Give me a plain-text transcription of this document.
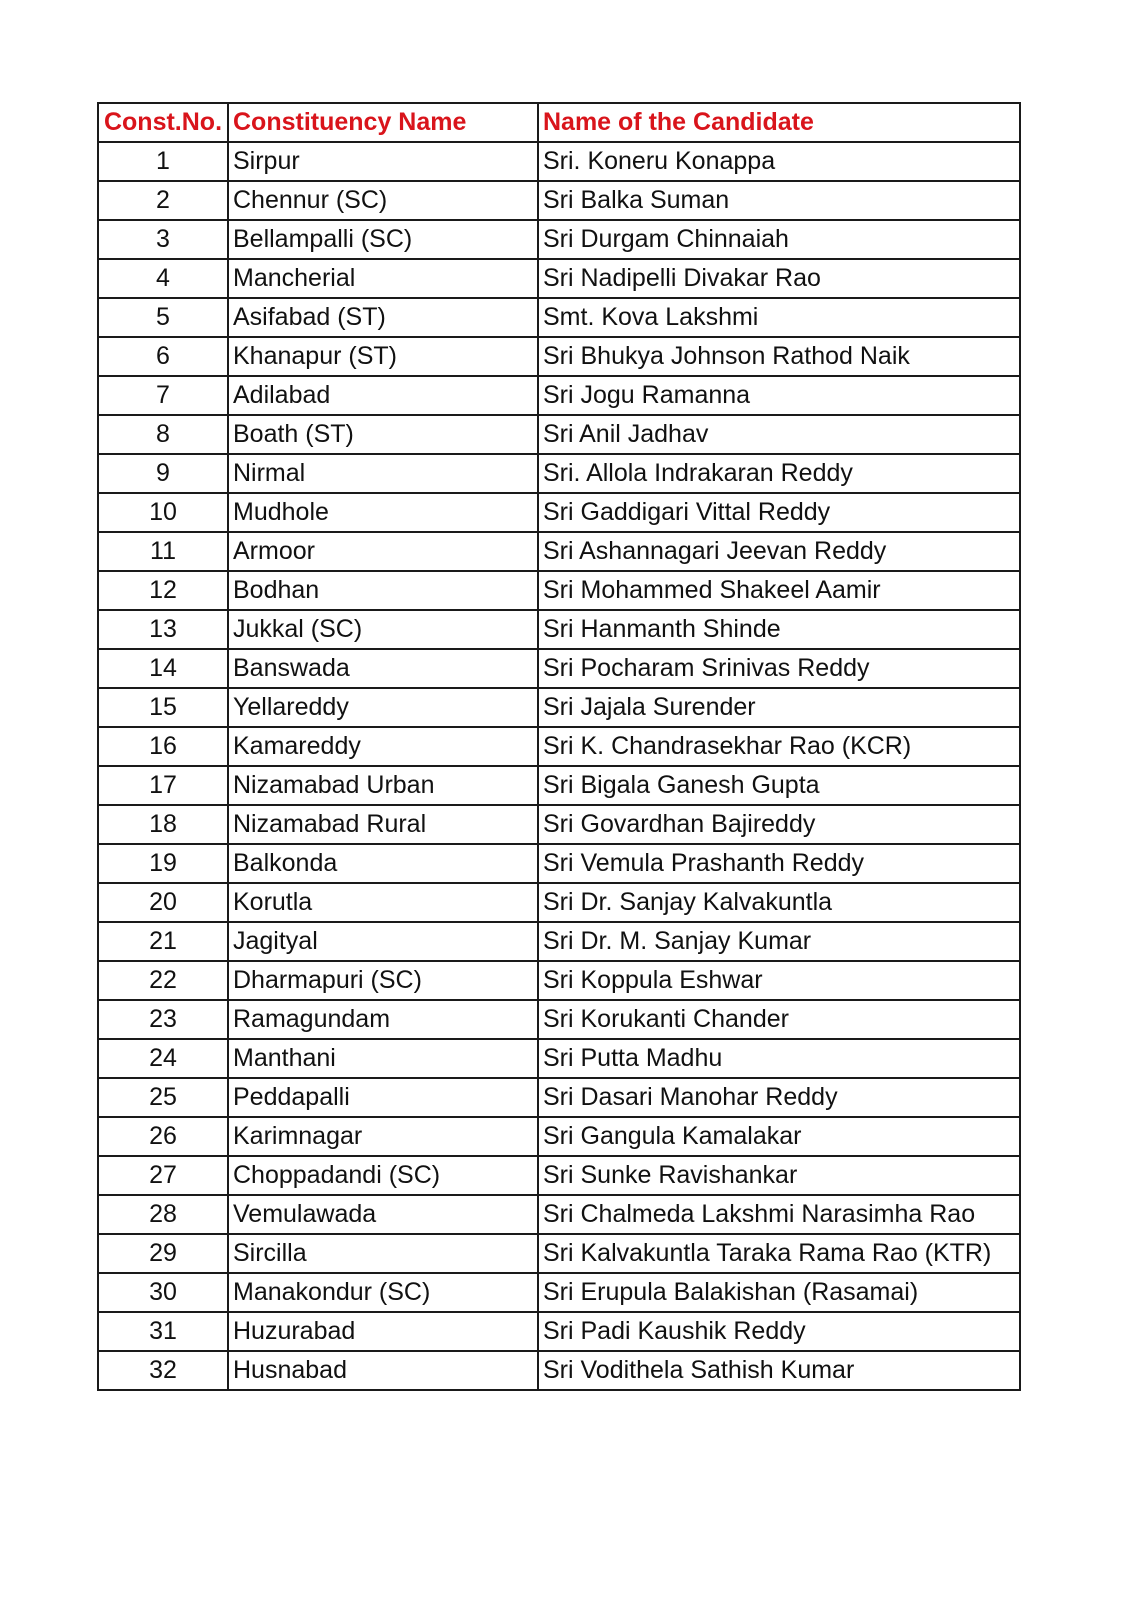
Const.No.	Constituency Name	Name of the Candidate
1	Sirpur	Sri. Koneru Konappa
2	Chennur (SC)	Sri Balka Suman
3	Bellampalli (SC)	Sri Durgam Chinnaiah
4	Mancherial	Sri Nadipelli Divakar Rao
5	Asifabad (ST)	Smt. Kova Lakshmi
6	Khanapur (ST)	Sri Bhukya Johnson Rathod Naik
7	Adilabad	Sri Jogu Ramanna
8	Boath (ST)	Sri Anil Jadhav
9	Nirmal	Sri. Allola Indrakaran Reddy
10	Mudhole	Sri Gaddigari Vittal Reddy
11	Armoor	Sri Ashannagari Jeevan Reddy
12	Bodhan	Sri Mohammed Shakeel Aamir
13	Jukkal (SC)	Sri Hanmanth Shinde
14	Banswada	Sri Pocharam Srinivas Reddy
15	Yellareddy	Sri Jajala Surender
16	Kamareddy	Sri K. Chandrasekhar Rao (KCR)
17	Nizamabad Urban	Sri Bigala Ganesh Gupta
18	Nizamabad Rural	Sri Govardhan Bajireddy
19	Balkonda	Sri Vemula Prashanth Reddy
20	Korutla	Sri Dr. Sanjay Kalvakuntla
21	Jagityal	Sri Dr. M. Sanjay Kumar
22	Dharmapuri (SC)	Sri Koppula Eshwar
23	Ramagundam	Sri Korukanti Chander
24	Manthani	Sri Putta Madhu
25	Peddapalli	Sri Dasari Manohar Reddy
26	Karimnagar	Sri Gangula Kamalakar
27	Choppadandi (SC)	Sri Sunke Ravishankar
28	Vemulawada	Sri Chalmeda Lakshmi Narasimha Rao
29	Sircilla	Sri Kalvakuntla Taraka Rama Rao (KTR)
30	Manakondur (SC)	Sri Erupula Balakishan (Rasamai)
31	Huzurabad	Sri Padi Kaushik Reddy
32	Husnabad	Sri Vodithela Sathish Kumar
